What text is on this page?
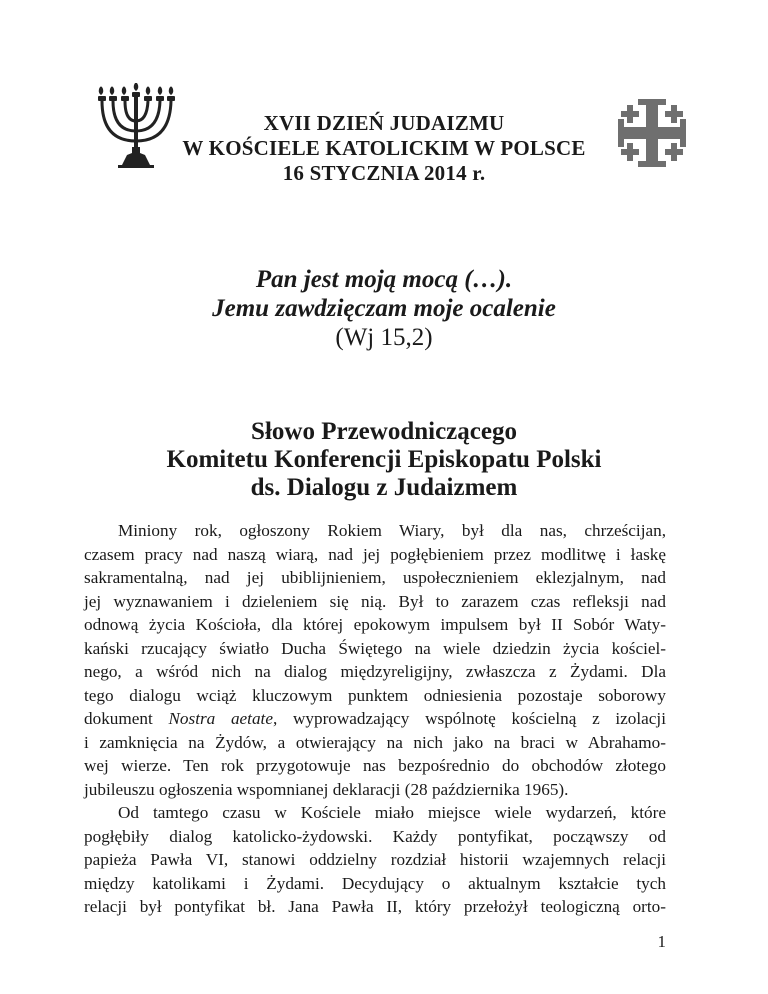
XVII DZIEŃ JUDAIZMU
W KOŚCIELE KATOLICKIM W POLSCE
16 STYCZNIA 2014 r.
Pan jest moją mocą (…).
Jemu zawdzięczam moje ocalenie
(Wj 15,2)
Słowo Przewodniczącego
Komitetu Konferencji Episkopatu Polski
ds. Dialogu z Judaizmem
Miniony rok, ogłoszony Rokiem Wiary, był dla nas, chrześcijan,
czasem pracy nad naszą wiarą, nad jej pogłębieniem przez modlitwę i łaskę
sakramentalną, nad jej ubiblijnieniem, uspołecznieniem eklezjalnym, nad
jej wyznawaniem i dzieleniem się nią. Był to zarazem czas refleksji nad
odnową życia Kościoła, dla której epokowym impulsem był II Sobór Waty-
kański rzucający światło Ducha Świętego na wiele dziedzin życia kościel-
nego, a wśród nich na dialog międzyreligijny, zwłaszcza z Żydami. Dla
tego dialogu wciąż kluczowym punktem odniesienia pozostaje soborowy
dokument Nostra aetate, wyprowadzający wspólnotę kościelną z izolacji
i zamknięcia na Żydów, a otwierający na nich jako na braci w Abrahamo-
wej wierze. Ten rok przygotowuje nas bezpośrednio do obchodów złotego
jubileuszu ogłoszenia wspomnianej deklaracji (28 października 1965).
Od tamtego czasu w Kościele miało miejsce wiele wydarzeń, które
pogłębiły dialog katolicko-żydowski. Każdy pontyfikat, począwszy od
papieża Pawła VI, stanowi oddzielny rozdział historii wzajemnych relacji
między katolikami i Żydami. Decydujący o aktualnym kształcie tych
relacji był pontyfikat bł. Jana Pawła II, który przełożył teologiczną orto-
1
